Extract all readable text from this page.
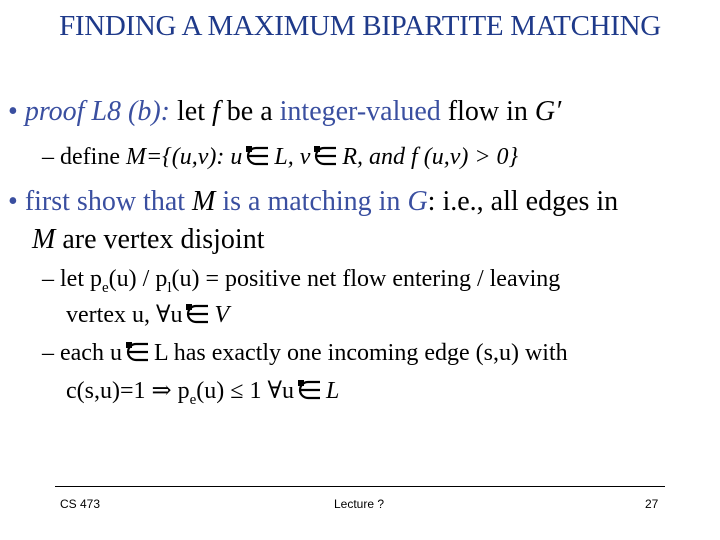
FINDING A MAXIMUM BIPARTITE MATCHING
• proof L8 (b): let f be a integer-valued flow in G′
– define M={(u,v): u L, v R, and f (u,v) > 0}
• first show that M is a matching in G: i.e., all edges in
M are vertex disjoint
– let $p_e(u) / p_l(u)$ = positive net flow entering / leaving
vertex u, ∀u V
– each u L has exactly one incoming edge (s,u) with
c(s,u)=1 ⇒ $p_e(u) \le 1$ ∀u L
CS 473	Lecture ?	27
